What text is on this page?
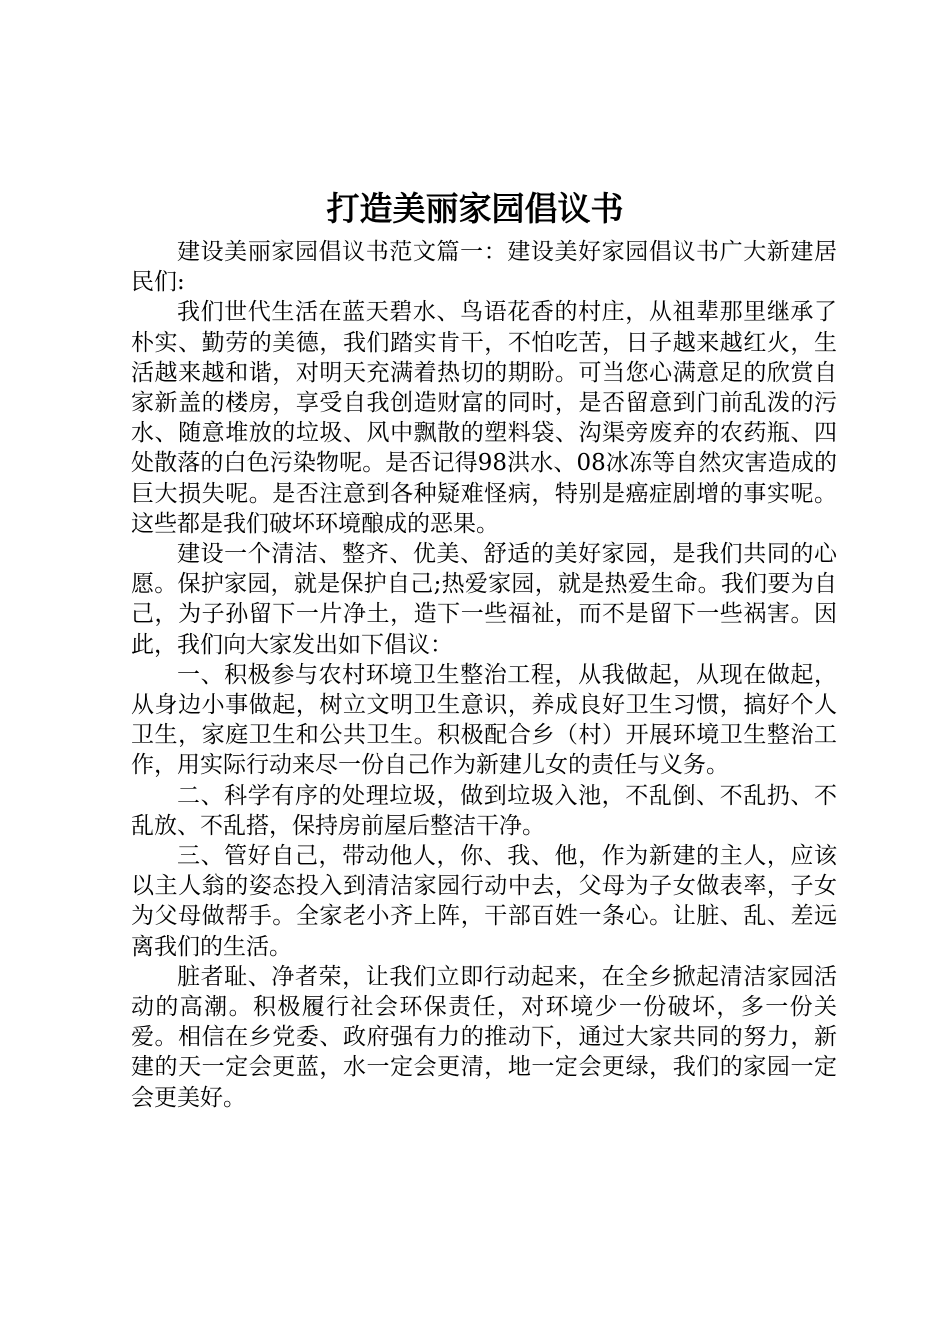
打造美丽家园倡议书

建设美丽家园倡议书范文篇一：建设美好家园倡议书广大新建居民们:

我们世代生活在蓝天碧水、鸟语花香的村庄，从祖辈那里继承了朴实、勤劳的美德，我们踏实肯干，不怕吃苦，日子越来越红火，生活越来越和谐，对明天充满着热切的期盼。可当您心满意足的欣赏自家新盖的楼房，享受自我创造财富的同时，是否留意到门前乱泼的污水、随意堆放的垃圾、风中飘散的塑料袋、沟渠旁废弃的农药瓶、四处散落的白色污染物呢。是否记得98洪水、08冰冻等自然灾害造成的巨大损失呢。是否注意到各种疑难怪病，特别是癌症剧增的事实呢。这些都是我们破坏环境酿成的恶果。

建设一个清洁、整齐、优美、舒适的美好家园，是我们共同的心愿。保护家园，就是保护自己;热爱家园，就是热爱生命。我们要为自己，为子孙留下一片净土，造下一些福祉，而不是留下一些祸害。因此，我们向大家发出如下倡议：

一、积极参与农村环境卫生整治工程，从我做起，从现在做起，从身边小事做起，树立文明卫生意识，养成良好卫生习惯，搞好个人卫生，家庭卫生和公共卫生。积极配合乡（村）开展环境卫生整治工作，用实际行动来尽一份自己作为新建儿女的责任与义务。

二、科学有序的处理垃圾，做到垃圾入池，不乱倒、不乱扔、不乱放、不乱搭，保持房前屋后整洁干净。

三、管好自己，带动他人，你、我、他，作为新建的主人，应该以主人翁的姿态投入到清洁家园行动中去，父母为子女做表率，子女为父母做帮手。全家老小齐上阵，干部百姓一条心。让脏、乱、差远离我们的生活。

脏者耻、净者荣，让我们立即行动起来，在全乡掀起清洁家园活动的高潮。积极履行社会环保责任，对环境少一份破坏，多一份关爱。相信在乡党委、政府强有力的推动下，通过大家共同的努力，新建的天一定会更蓝，水一定会更清，地一定会更绿，我们的家园一定会更美好。
